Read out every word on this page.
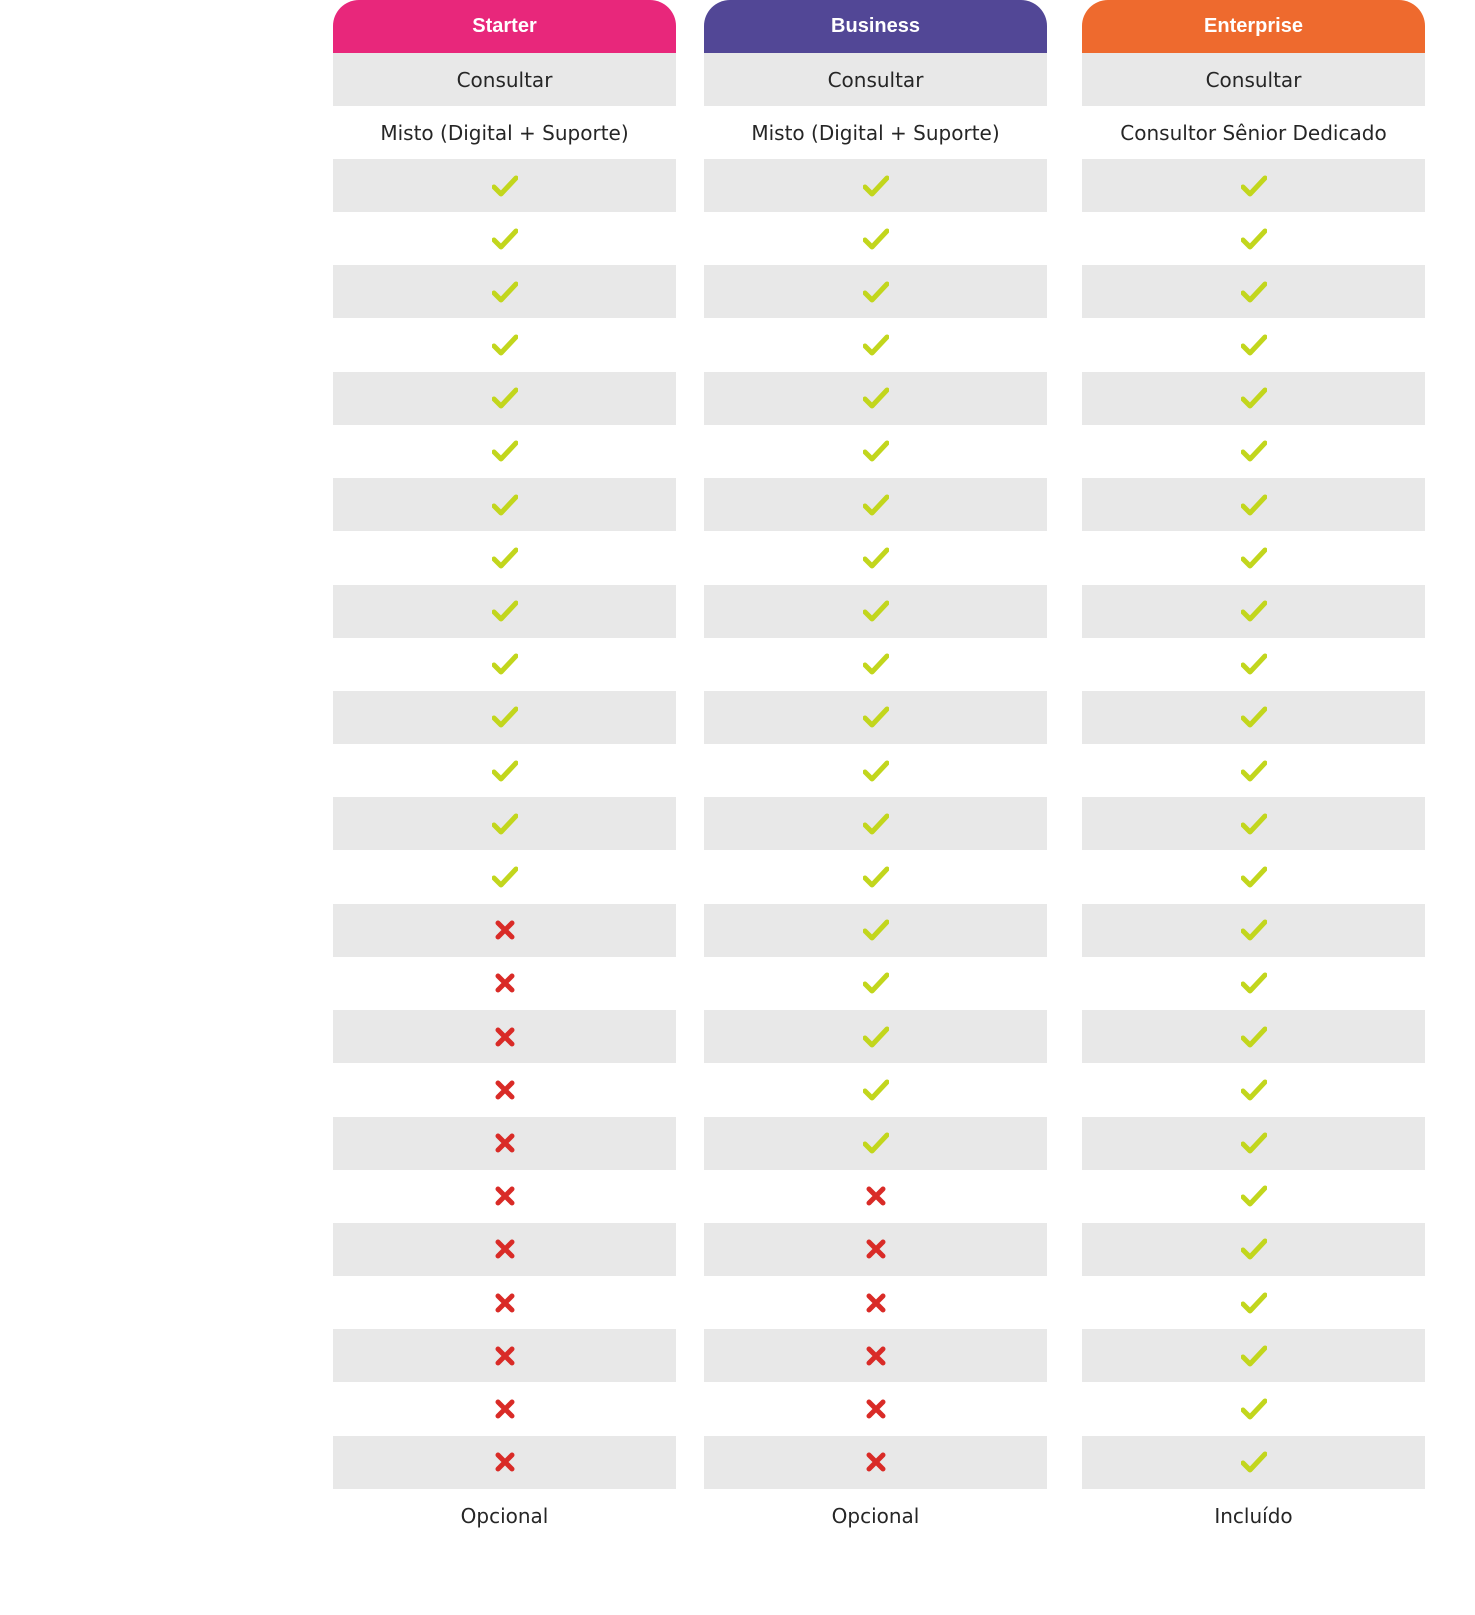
Starter
Consultar
Misto (Digital + Suporte)
Opcional
Business
Consultar
Misto (Digital + Suporte)
Opcional
Enterprise
Consultar
Consultor Sênior Dedicado
Incluído
